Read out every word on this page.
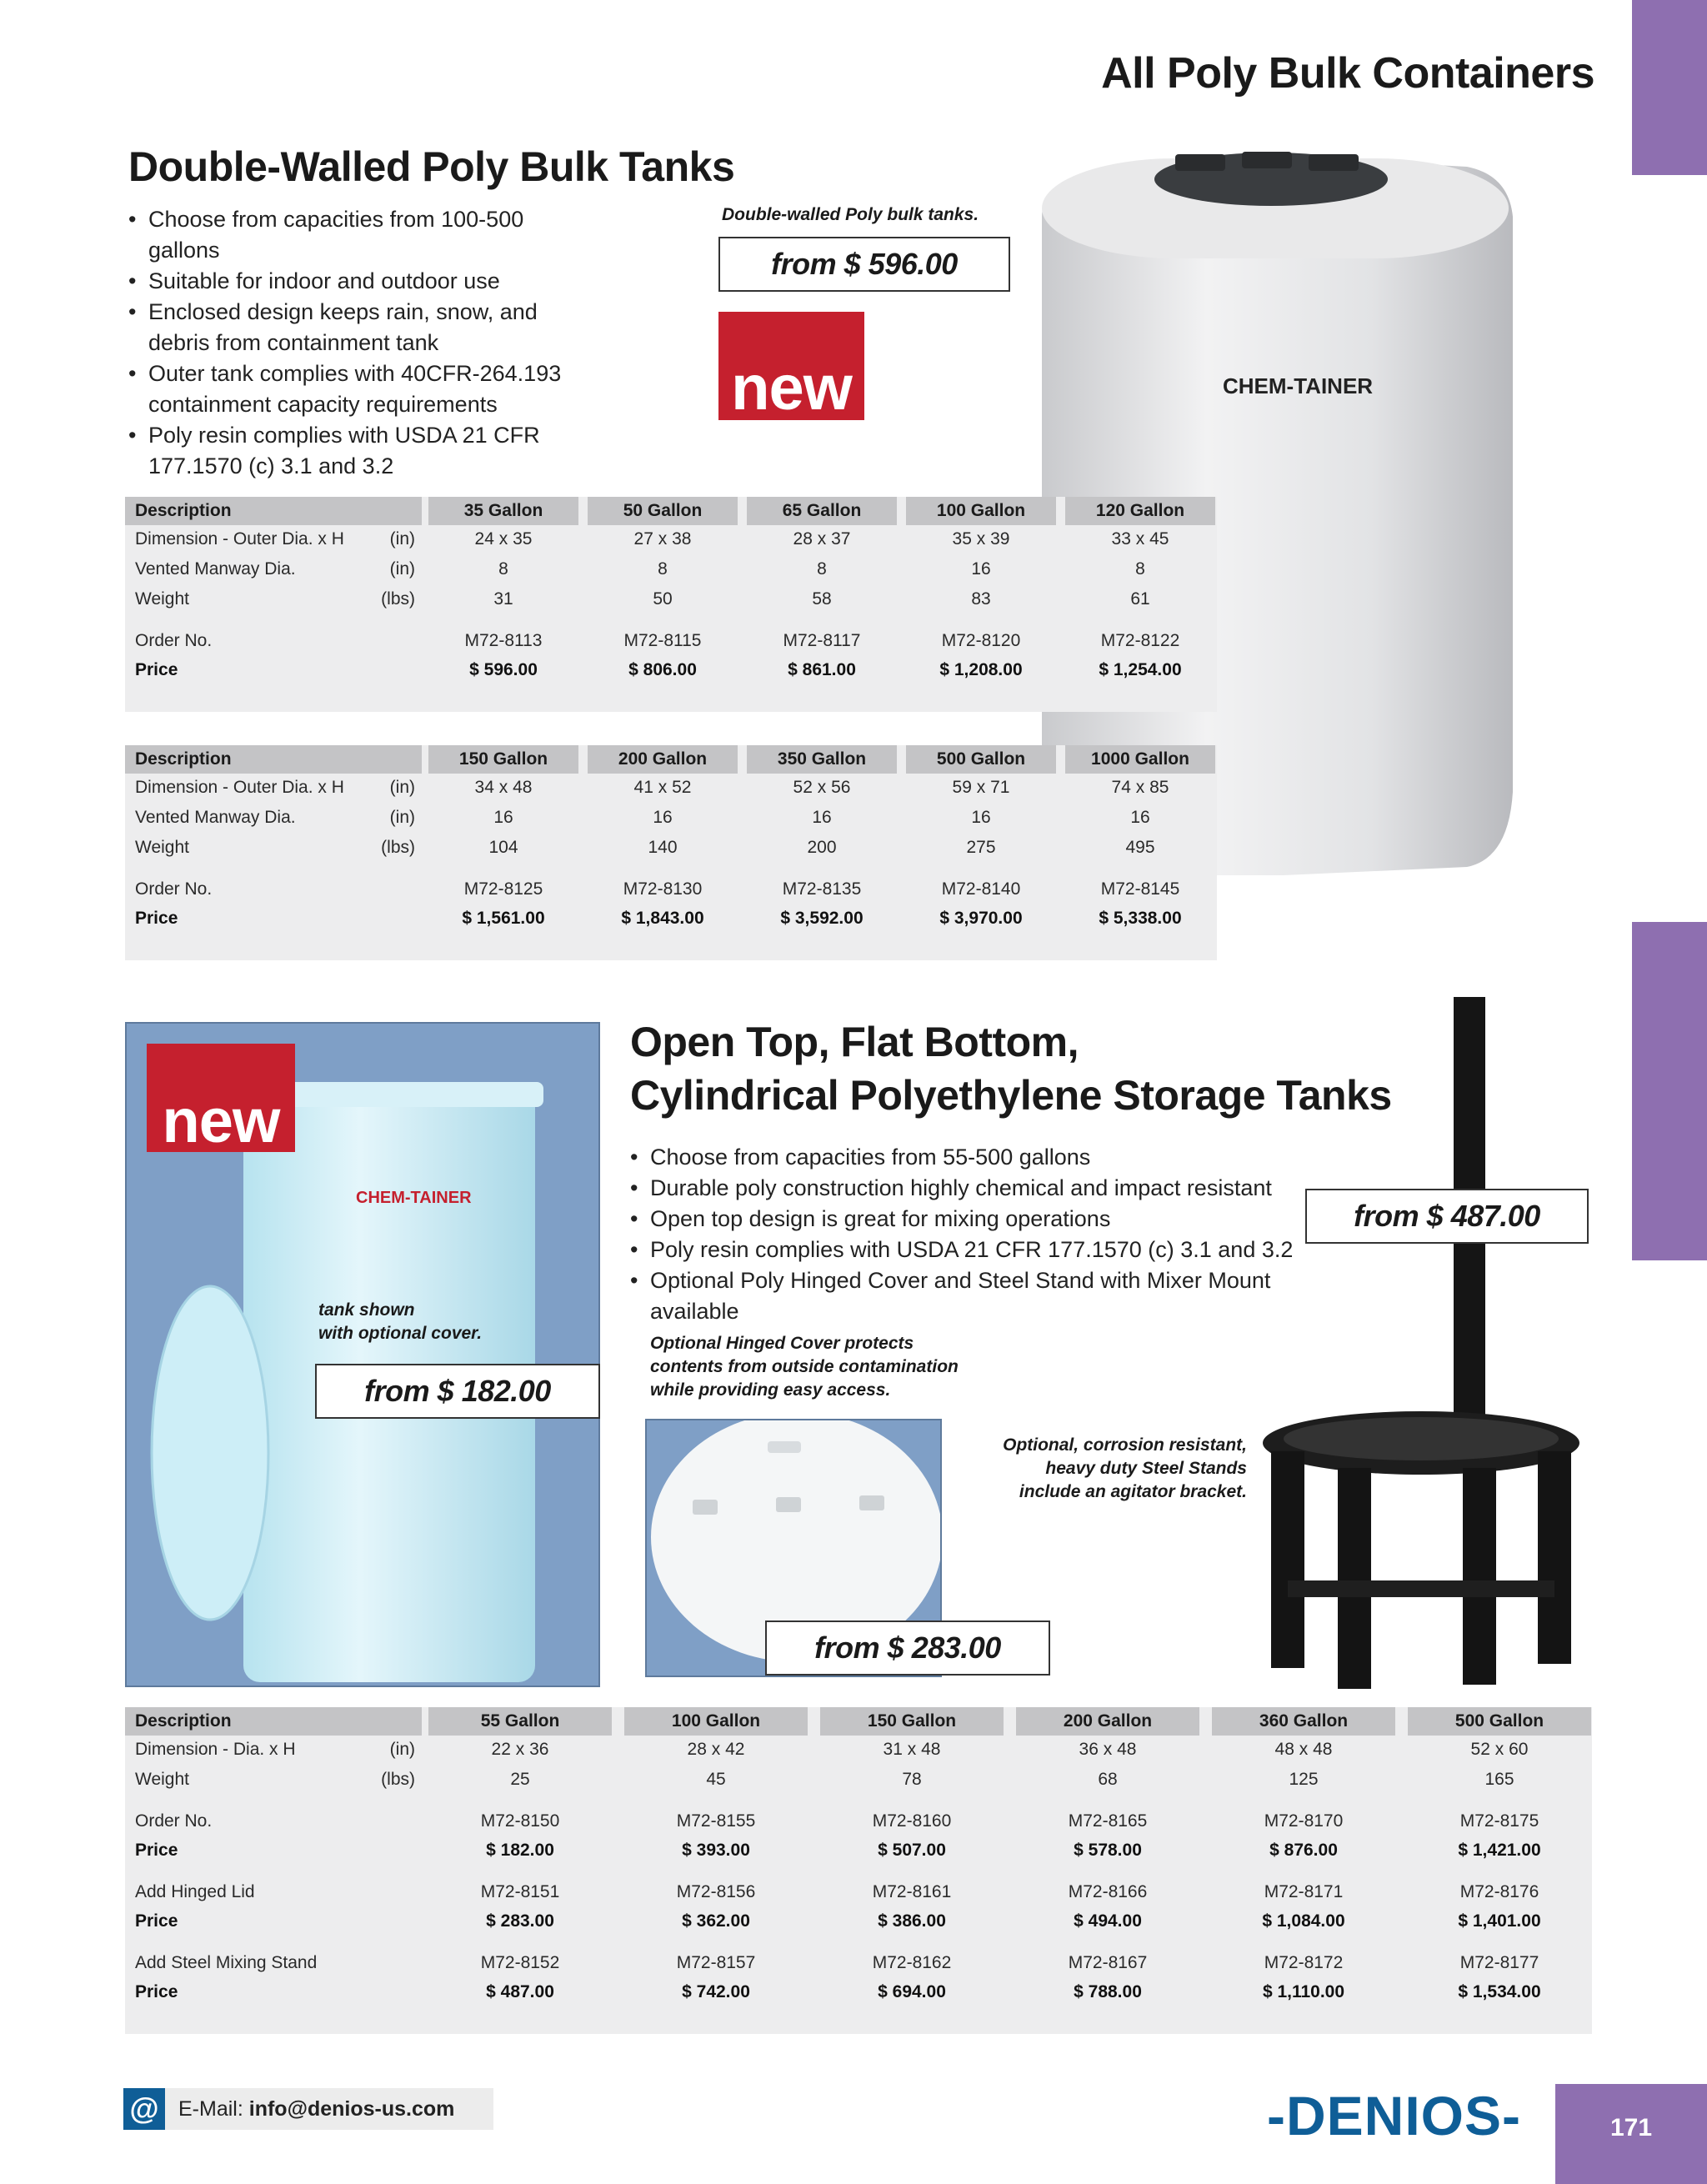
All Poly Bulk Containers
Double-Walled Poly Bulk Tanks
• Choose from capacities from 100-500 gallons
• Suitable for indoor and outdoor use
• Enclosed design keeps rain, snow, and debris from containment tank
• Outer tank complies with 40CFR-264.193 containment capacity requirements
• Poly resin complies with USDA 21 CFR 177.1570 (c) 3.1 and 3.2
Double-walled Poly bulk tanks.
from $ 596.00
new	CHEM-TAINER
Description	35 Gallon	50 Gallon	65 Gallon	100 Gallon	120 Gallon
Dimension - Outer Dia. x H	(in)	24 x 35	27 x 38	28 x 37	35 x 39	33 x 45
Vented Manway Dia.	(in)	8	8	8	16	8
Weight	(lbs)	31	50	58	83	61
Order No.	M72-8113	M72-8115	M72-8117	M72-8120	M72-8122
Price	$ 596.00	$ 806.00	$ 861.00	$ 1,208.00	$ 1,254.00
Description	150 Gallon	200 Gallon	350 Gallon	500 Gallon	1000 Gallon
Dimension - Outer Dia. x H	(in)	34 x 48	41 x 52	52 x 56	59 x 71	74 x 85
Vented Manway Dia.	(in)	16	16	16	16	16
Weight	(lbs)	104	140	200	275	495
Order No.	M72-8125	M72-8130	M72-8135	M72-8140	M72-8145
Price	$ 1,561.00	$ 1,843.00	$ 3,592.00	$ 3,970.00	$ 5,338.00
CHEM-TAINER
new
tank shown
with optional cover.
from $ 182.00
Open Top, Flat Bottom,
Cylindrical Polyethylene Storage Tanks
• Choose from capacities from 55-500 gallons
• Durable poly construction highly chemical and impact resistant
• Open top design is great for mixing operations
• Poly resin complies with USDA 21 CFR 177.1570 (c) 3.1 and 3.2
• Optional Poly Hinged Cover and Steel Stand with Mixer Mount available
Optional Hinged Cover protects
contents from outside contamination
while providing easy access.
from $ 283.00
from $ 487.00
Optional, corrosion resistant,
heavy duty Steel Stands
include an agitator bracket.
Description	55 Gallon	100 Gallon	150 Gallon	200 Gallon	360 Gallon	500 Gallon
Dimension - Dia. x H	(in)	22 x 36	28 x 42	31 x 48	36 x 48	48 x 48	52 x 60
Weight	(lbs)	25	45	78	68	125	165
Order No.	M72-8150	M72-8155	M72-8160	M72-8165	M72-8170	M72-8175
Price	$ 182.00	$ 393.00	$ 507.00	$ 578.00	$ 876.00	$ 1,421.00
Add Hinged Lid	M72-8151	M72-8156	M72-8161	M72-8166	M72-8171	M72-8176
Price	$ 283.00	$ 362.00	$ 386.00	$ 494.00	$ 1,084.00	$ 1,401.00
Add Steel Mixing Stand	M72-8152	M72-8157	M72-8162	M72-8167	M72-8172	M72-8177
Price	$ 487.00	$ 742.00	$ 694.00	$ 788.00	$ 1,110.00	$ 1,534.00
@ E-Mail: info@denios-us.com	-DENIOS-	171
